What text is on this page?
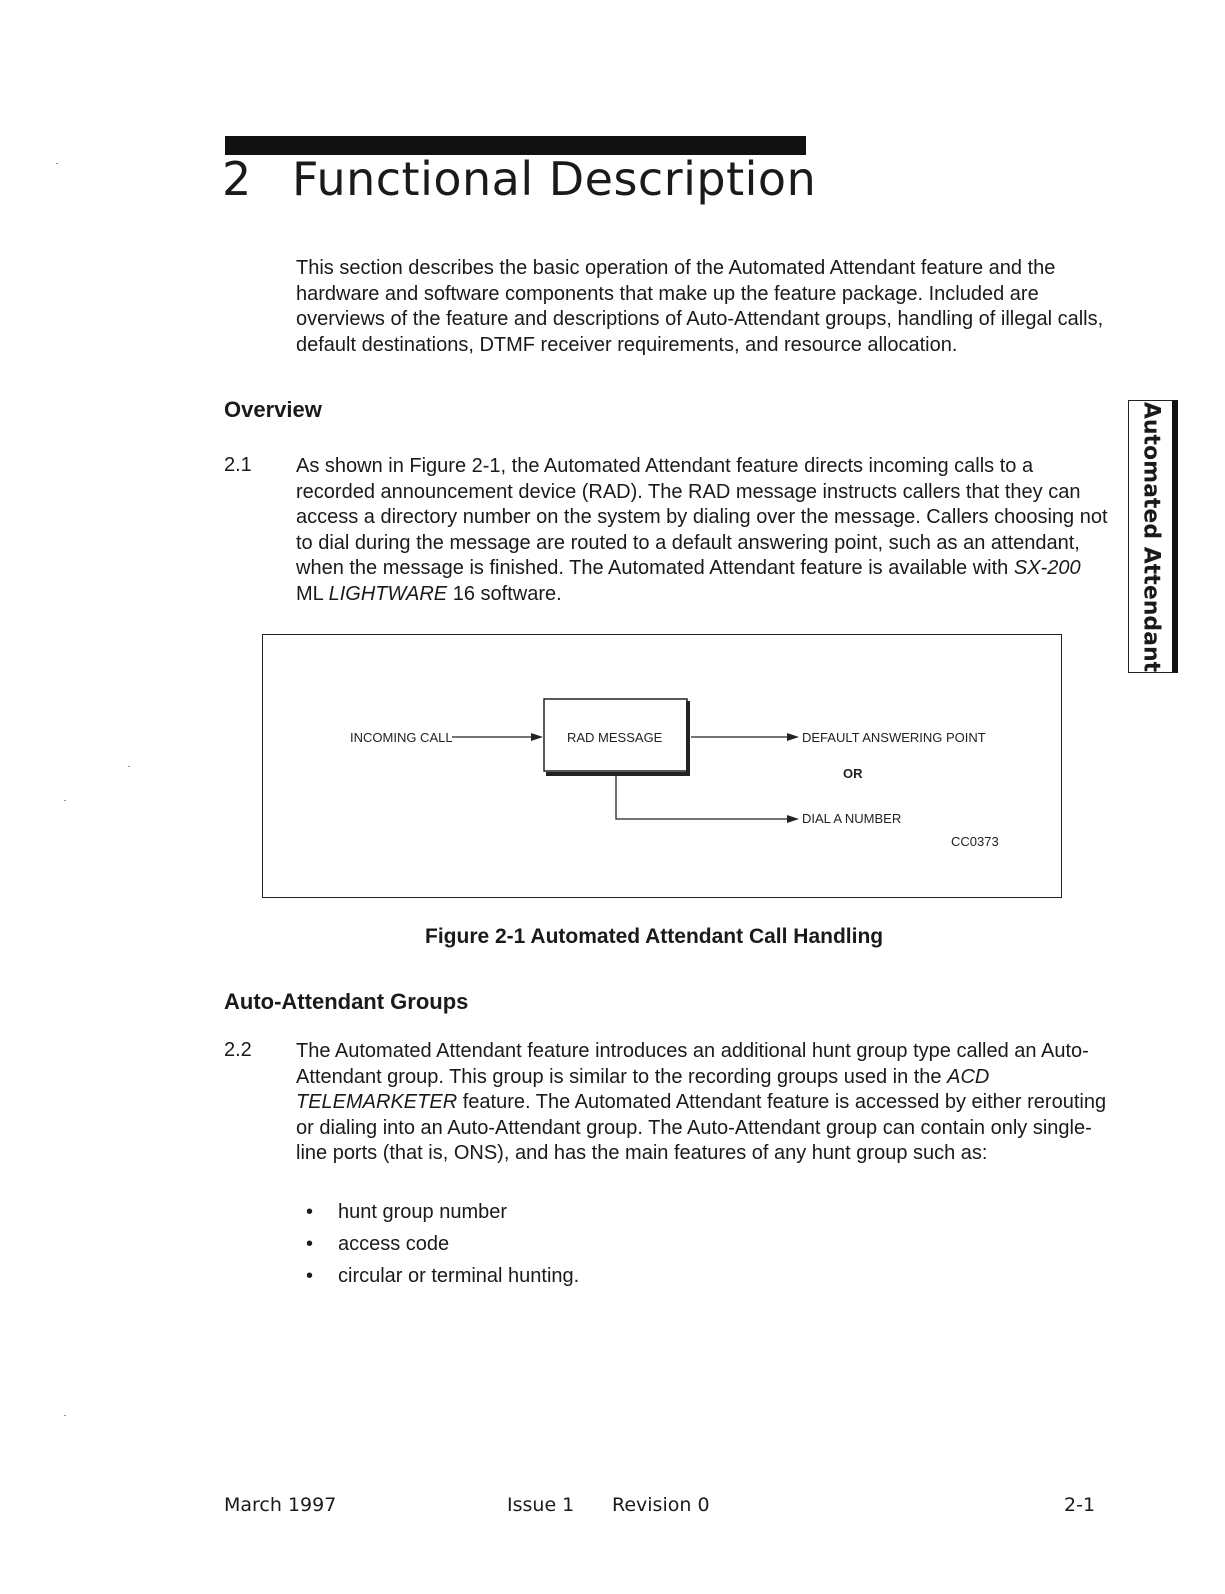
2 Functional Description
This section describes the basic operation of the Automated Attendant feature and the hardware and software components that make up the feature package. Included are overviews of the feature and descriptions of Auto-Attendant groups, handling of illegal calls, default destinations, DTMF receiver requirements, and resource allocation.
Automated Attendant
Overview
2.1 As shown in Figure 2-1, the Automated Attendant feature directs incoming calls to a recorded announcement device (RAD). The RAD message instructs callers that they can access a directory number on the system by dialing over the message. Callers choosing not to dial during the message are routed to a default answering point, such as an attendant, when the message is finished. The Automated Attendant feature is available with SX-200 ML LIGHTWARE 16 software.
INCOMING CALL	RAD MESSAGE	DEFAULT ANSWERING POINT
OR
DIAL A NUMBER
CC0373
Figure 2-1 Automated Attendant Call Handling
Auto-Attendant Groups
2.2 The Automated Attendant feature introduces an additional hunt group type called an Auto-Attendant group. This group is similar to the recording groups used in the ACD TELEMARKETER feature. The Automated Attendant feature is accessed by either rerouting or dialing into an Auto-Attendant group. The Auto-Attendant group can contain only single-line ports (that is, ONS), and has the main features of any hunt group such as:
• hunt group number
• access code
• circular or terminal hunting.
March 1997	Issue 1 Revision 0	2-1
